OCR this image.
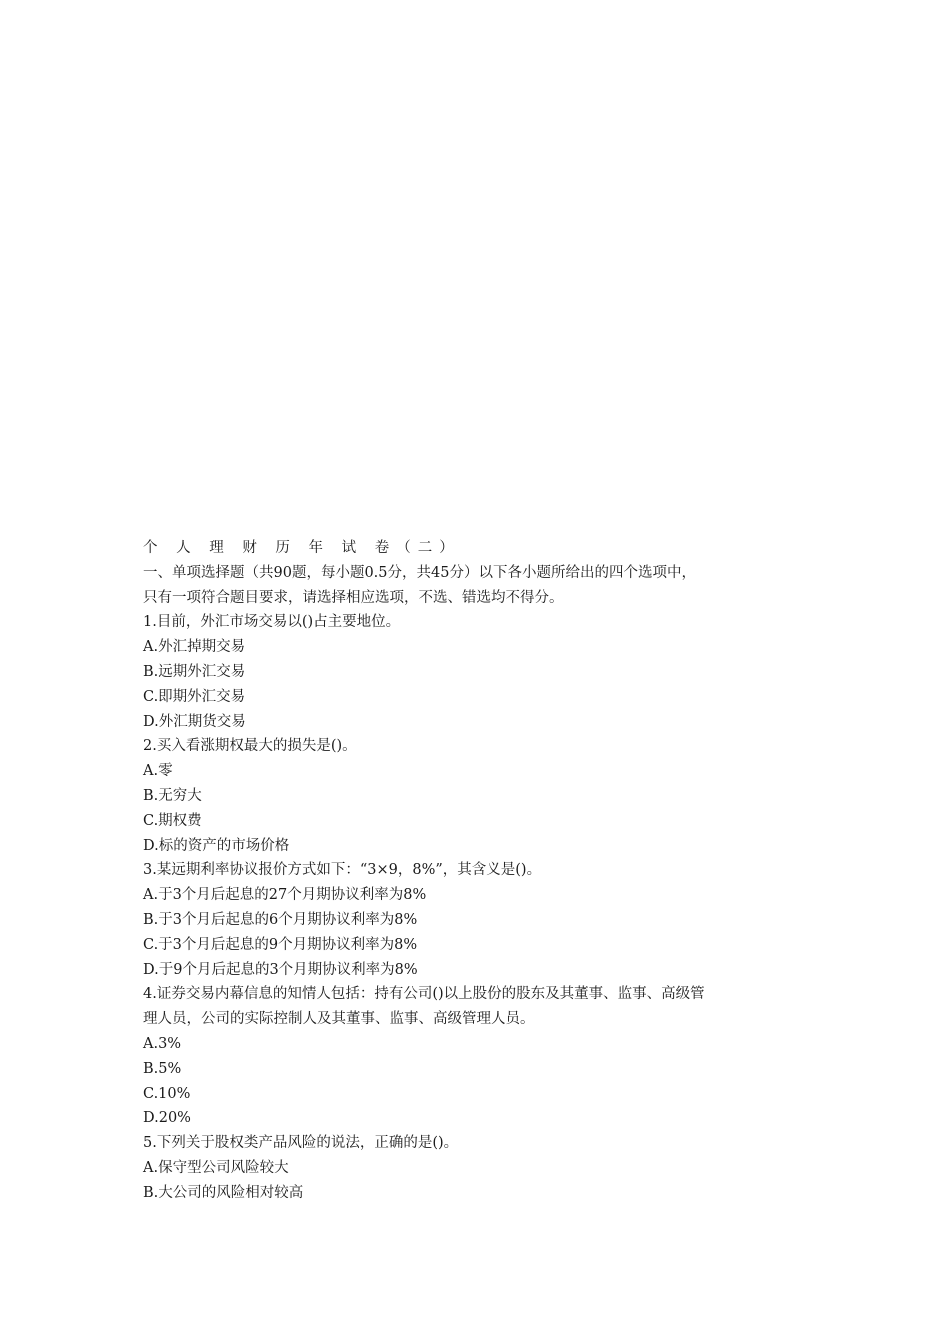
个 人 理 财 历 年 试 卷（二）
一、单项选择题（共90题，每小题0.5分，共45分）以下各小题所给出的四个选项中，
只有一项符合题目要求，请选择相应选项，不选、错选均不得分。
1.目前，外汇市场交易以()占主要地位。
A.外汇掉期交易
B.远期外汇交易
C.即期外汇交易
D.外汇期货交易
2.买入看涨期权最大的损失是()。
A.零
B.无穷大
C.期权费
D.标的资产的市场价格
3.某远期利率协议报价方式如下：“3×9，8%”，其含义是()。
A.于3个月后起息的27个月期协议利率为8%
B.于3个月后起息的6个月期协议利率为8%
C.于3个月后起息的9个月期协议利率为8%
D.于9个月后起息的3个月期协议利率为8%
4.证券交易内幕信息的知情人包括：持有公司()以上股份的股东及其董事、监事、高级管
理人员，公司的实际控制人及其董事、监事、高级管理人员。
A.3%
B.5%
C.10%
D.20%
5.下列关于股权类产品风险的说法，正确的是()。
A.保守型公司风险较大
B.大公司的风险相对较高
